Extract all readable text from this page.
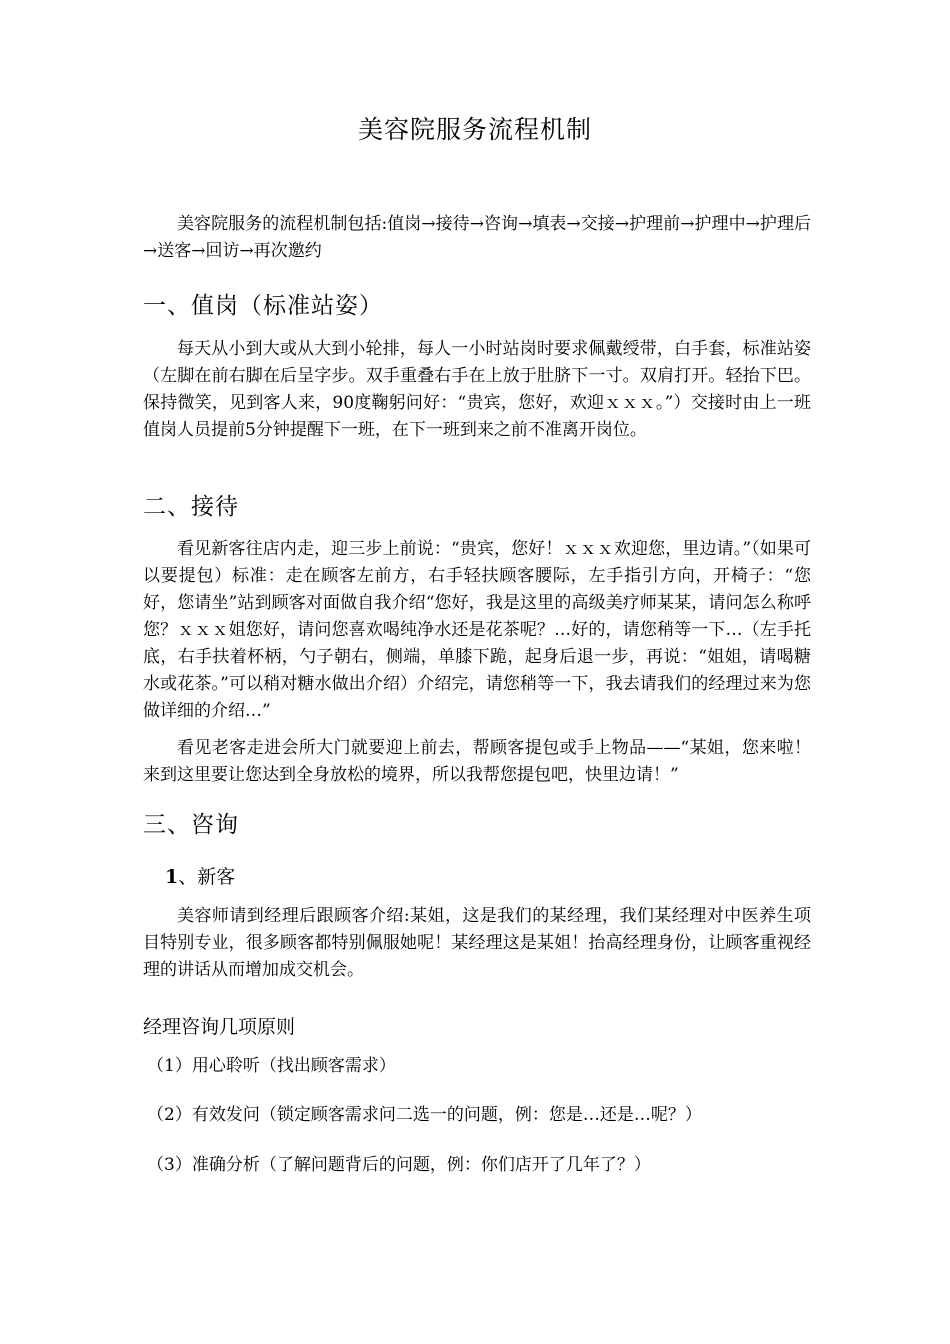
美容院服务流程机制

美容院服务的流程机制包括:值岗→接待→咨询→填表→交接→护理前→护理中→护理后→送客→回访→再次邀约

一、值岗（标准站姿）

每天从小到大或从大到小轮排，每人一小时站岗时要求佩戴绶带，白手套，标准站姿（左脚在前右脚在后呈字步。双手重叠右手在上放于肚脐下一寸。双肩打开。轻抬下巴。保持微笑，见到客人来，90度鞠躬问好：“贵宾，您好，欢迎ｘｘｘ。”）交接时由上一班值岗人员提前5分钟提醒下一班，在下一班到来之前不准离开岗位。

二、接待

看见新客往店内走，迎三步上前说：“贵宾，您好！ｘｘｘ欢迎您，里边请。”（如果可以要提包）标准：走在顾客左前方，右手轻扶顾客腰际，左手指引方向，开椅子：“您好，您请坐”站到顾客对面做自我介绍“您好，我是这里的高级美疗师某某，请问怎么称呼您？ｘｘｘ姐您好，请问您喜欢喝纯净水还是花茶呢？…好的，请您稍等一下…（左手托底，右手扶着杯柄，勺子朝右，侧端，单膝下跪，起身后退一步，再说：“姐姐，请喝糖水或花茶。”可以稍对糖水做出介绍）介绍完，请您稍等一下，我去请我们的经理过来为您做详细的介绍…”

看见老客走进会所大门就要迎上前去，帮顾客提包或手上物品——“某姐，您来啦！来到这里要让您达到全身放松的境界，所以我帮您提包吧，快里边请！”

三、咨询
1、新客

美容师请到经理后跟顾客介绍:某姐，这是我们的某经理，我们某经理对中医养生项目特别专业，很多顾客都特别佩服她呢！某经理这是某姐！抬高经理身份，让顾客重视经理的讲话从而增加成交机会。

经理咨询几项原则
（1）用心聆听（找出顾客需求）
（2）有效发问（锁定顾客需求问二选一的问题，例：您是…还是…呢？）
（3）准确分析（了解问题背后的问题，例：你们店开了几年了？）
